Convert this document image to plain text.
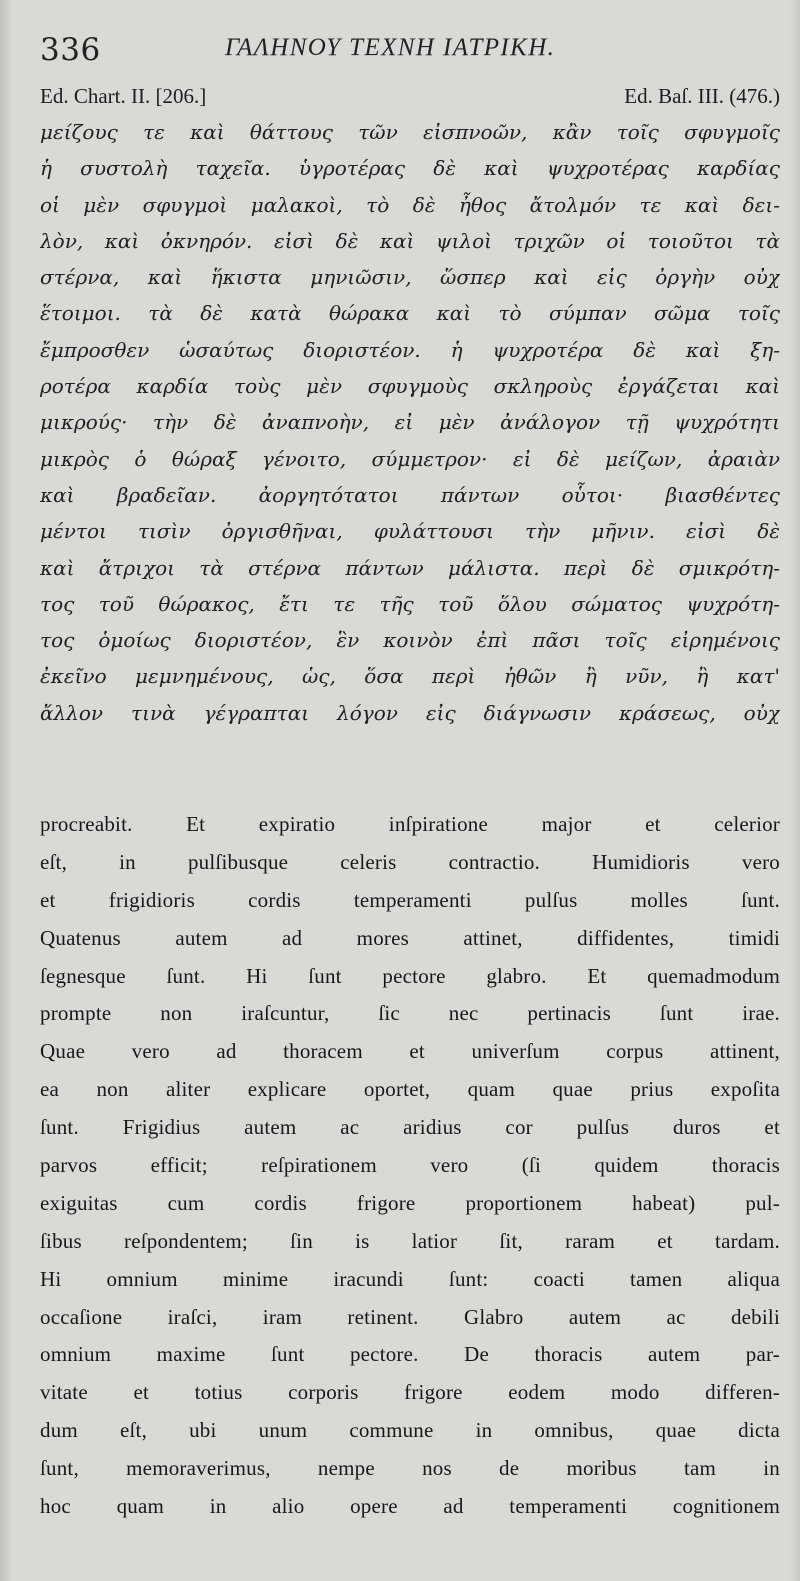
336	ΓΑΛΗΝΟΥ ΤΕΧΝΗ ΙΑΤΡΙΚΗ.
Ed. Chart. II. [206.]	Ed. Baſ. III. (476.)
μείζους τε καὶ θάττους τῶν εἰσπνοῶν, κἂν τοῖς σφυγμοῖς
ἡ συστολὴ ταχεῖα. ὑγροτέρας δὲ καὶ ψυχροτέρας καρδίας
οἱ μὲν σφυγμοὶ μαλακοὶ, τὸ δὲ ἦθος ἄτολμόν τε καὶ δει-
λὸν, καὶ ὀκνηρόν. εἰσὶ δὲ καὶ ψιλοὶ τριχῶν οἱ τοιοῦτοι τὰ
στέρνα, καὶ ἥκιστα μηνιῶσιν, ὥσπερ καὶ εἰς ὀργὴν οὐχ
ἕτοιμοι. τὰ δὲ κατὰ θώρακα καὶ τὸ σύμπαν σῶμα τοῖς
ἔμπροσθεν ὡσαύτως διοριστέον. ἡ ψυχροτέρα δὲ καὶ ξη-
ροτέρα καρδία τοὺς μὲν σφυγμοὺς σκληροὺς ἐργάζεται καὶ
μικρούς· τὴν δὲ ἀναπνοὴν, εἰ μὲν ἀνάλογον τῇ ψυχρότητι
μικρὸς ὁ θώραξ γένοιτο, σύμμετρον· εἰ δὲ μείζων, ἀραιὰν
καὶ βραδεῖαν. ἀοργητότατοι πάντων οὗτοι· βιασθέντες
μέντοι τισὶν ὀργισθῆναι, φυλάττουσι τὴν μῆνιν. εἰσὶ δὲ
καὶ ἄτριχοι τὰ στέρνα πάντων μάλιστα. περὶ δὲ σμικρότη-
τος τοῦ θώρακος, ἔτι τε τῆς τοῦ ὅλου σώματος ψυχρότη-
τος ὁμοίως διοριστέον, ἓν κοινὸν ἐπὶ πᾶσι τοῖς εἰρημένοις
ἐκεῖνο μεμνημένους, ὡς, ὅσα περὶ ἠθῶν ἢ νῦν, ἢ κατ'
ἄλλον τινὰ γέγραπται λόγον εἰς διάγνωσιν κράσεως, οὐχ
procreabit. Et expiratio inſpiratione major et celerior
eſt, in pulſibusque celeris contractio. Humidioris vero
et frigidioris cordis temperamenti pulſus molles ſunt.
Quatenus autem ad mores attinet, diffidentes, timidi
ſegnesque ſunt. Hi ſunt pectore glabro. Et quemadmodum
prompte non iraſcuntur, ſic nec pertinacis ſunt irae.
Quae vero ad thoracem et univerſum corpus attinent,
ea non aliter explicare oportet, quam quae prius expoſita
ſunt. Frigidius autem ac aridius cor pulſus duros et
parvos efficit; reſpirationem vero (ſi quidem thoracis
exiguitas cum cordis frigore proportionem habeat) pul-
ſibus reſpondentem; ſin is latior ſit, raram et tardam.
Hi omnium minime iracundi ſunt: coacti tamen aliqua
occaſione iraſci, iram retinent. Glabro autem ac debili
omnium maxime ſunt pectore. De thoracis autem par-
vitate et totius corporis frigore eodem modo differen-
dum eſt, ubi unum commune in omnibus, quae dicta
ſunt, memoraverimus, nempe nos de moribus tam in
hoc quam in alio opere ad temperamenti cognitionem
